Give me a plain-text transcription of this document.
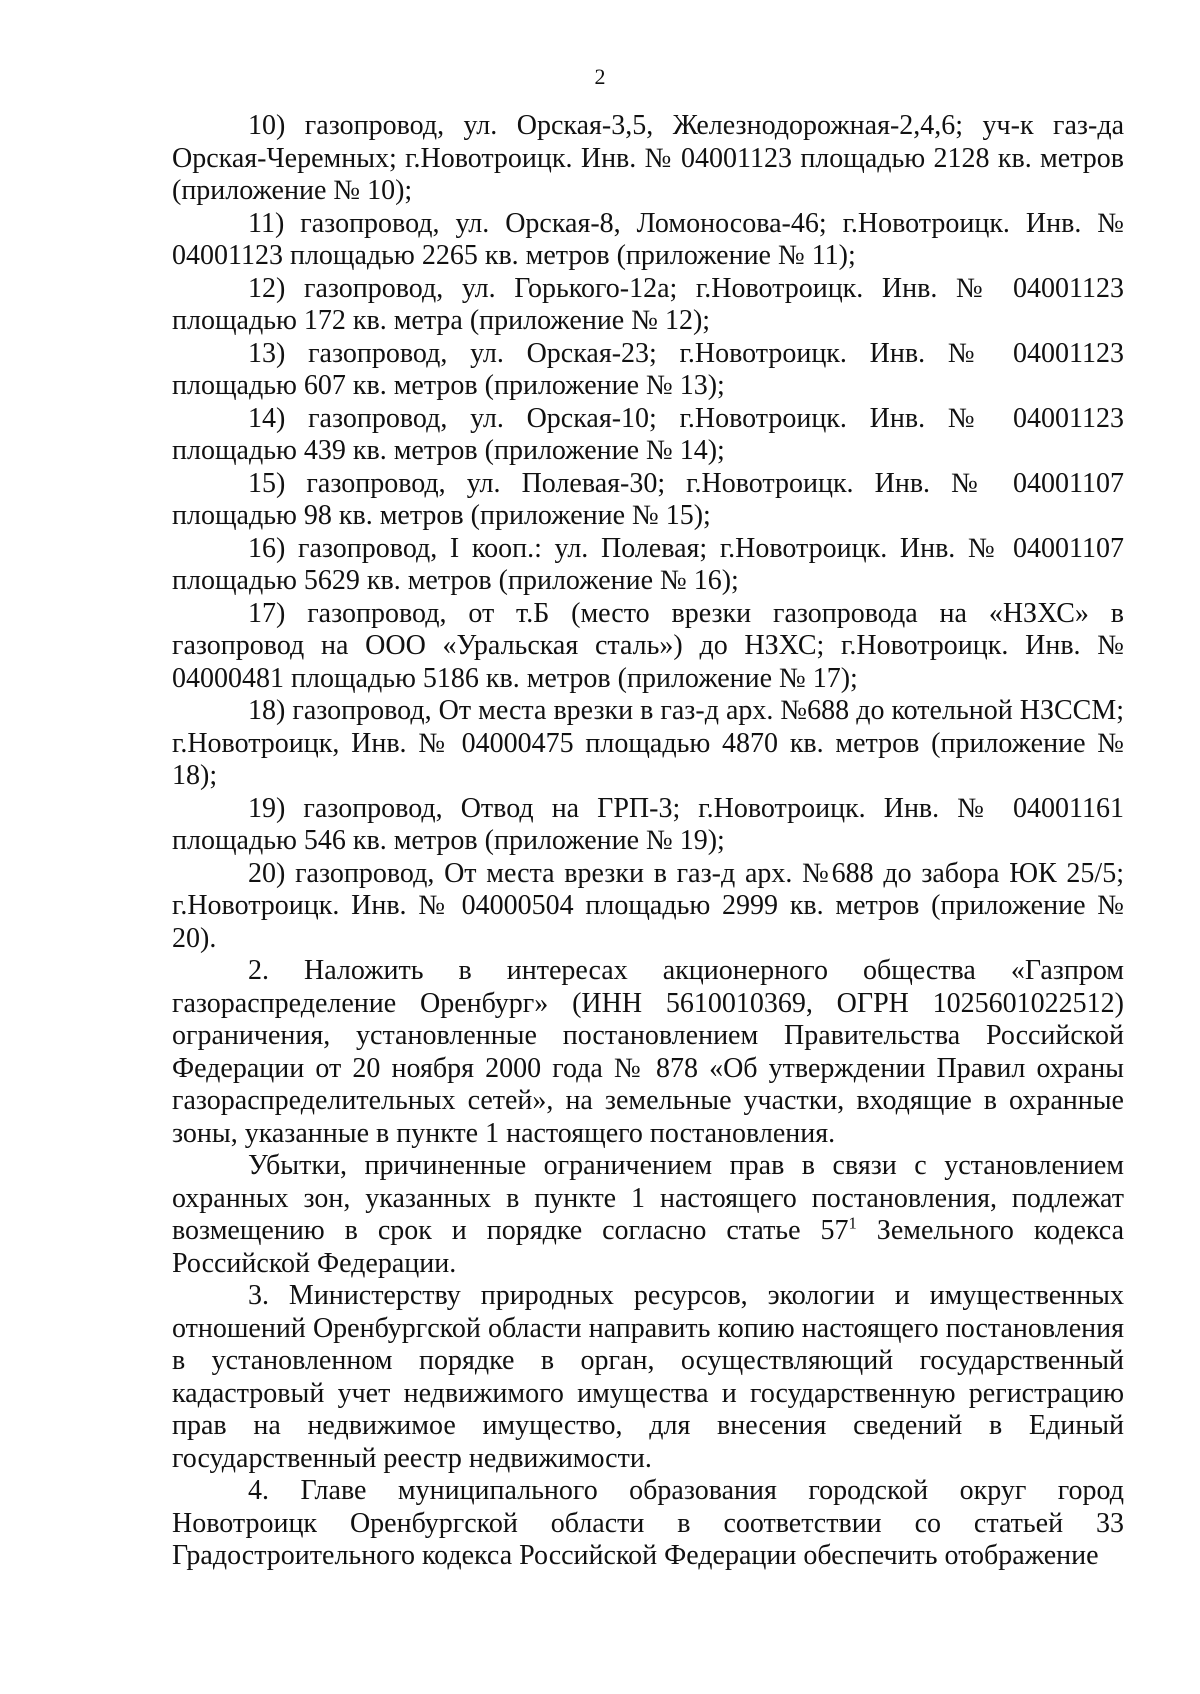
2

10) газопровод, ул. Орская-3,5, Железнодорожная-2,4,6; уч-к газ-да Орская-Черемных; г.Новотроицк. Инв. № 04001123 площадью 2128 кв. метров (приложение № 10);

11) газопровод, ул. Орская-8, Ломоносова-46; г.Новотроицк. Инв. № 04001123 площадью 2265 кв. метров (приложение № 11);

12) газопровод, ул. Горького-12а; г.Новотроицк. Инв. № 04001123 площадью 172 кв. метра (приложение № 12);

13) газопровод, ул. Орская-23; г.Новотроицк. Инв. № 04001123 площадью 607 кв. метров (приложение № 13);

14) газопровод, ул. Орская-10; г.Новотроицк. Инв. № 04001123 площадью 439 кв. метров (приложение № 14);

15) газопровод, ул. Полевая-30; г.Новотроицк. Инв. № 04001107 площадью 98 кв. метров (приложение № 15);

16) газопровод, I кооп.: ул. Полевая; г.Новотроицк. Инв. № 04001107 площадью 5629 кв. метров (приложение № 16);

17) газопровод, от т.Б (место врезки газопровода на «НЗХС» в газопровод на ООО «Уральская сталь») до НЗХС; г.Новотроицк. Инв. № 04000481 площадью 5186 кв. метров (приложение № 17);

18) газопровод, От места врезки в газ-д арх. №688 до котельной НЗССМ; г.Новотроицк, Инв. № 04000475 площадью 4870 кв. метров (приложение № 18);

19) газопровод, Отвод на ГРП-3; г.Новотроицк. Инв. № 04001161 площадью 546 кв. метров (приложение № 19);

20) газопровод, От места врезки в газ-д арх. №688 до забора ЮК 25/5; г.Новотроицк. Инв. № 04000504 площадью 2999 кв. метров (приложение № 20).

2. Наложить в интересах акционерного общества «Газпром газораспределение Оренбург» (ИНН 5610010369, ОГРН 1025601022512) ограничения, установленные постановлением Правительства Российской Федерации от 20 ноября 2000 года № 878 «Об утверждении Правил охраны газораспределительных сетей», на земельные участки, входящие в охранные зоны, указанные в пункте 1 настоящего постановления.

Убытки, причиненные ограничением прав в связи с установлением охранных зон, указанных в пункте 1 настоящего постановления, подлежат возмещению в срок и порядке согласно статье $57^1$ Земельного кодекса Российской Федерации.

3. Министерству природных ресурсов, экологии и имущественных отношений Оренбургской области направить копию настоящего постановления в установленном порядке в орган, осуществляющий государственный кадастровый учет недвижимого имущества и государственную регистрацию прав на недвижимое имущество, для внесения сведений в Единый государственный реестр недвижимости.

4. Главе муниципального образования городской округ город Новотроицк Оренбургской области в соответствии со статьей 33 Градостроительного кодекса Российской Федерации обеспечить отображение
